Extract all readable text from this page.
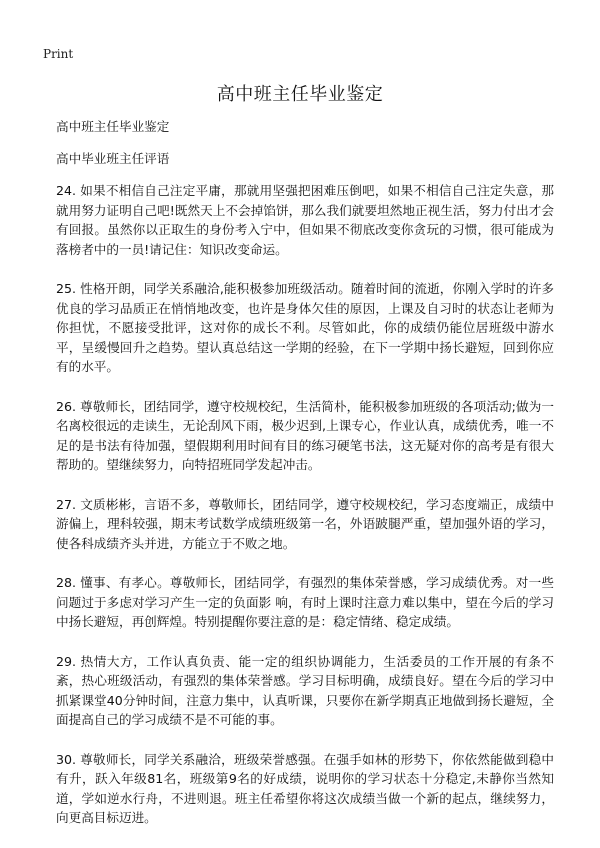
Print
高中班主任毕业鉴定

高中班主任毕业鉴定

高中毕业班主任评语

24. 如果不相信自己注定平庸，那就用坚强把困难压倒吧，如果不相信自己注定失意，那就用努力证明自己吧!既然天上不会掉馅饼，那么我们就要坦然地正视生活，努力付出才会有回报。虽然你以正取生的身份考入宁中，但如果不彻底改变你贪玩的习惯，很可能成为落榜者中的一员!请记住：知识改变命运。

25. 性格开朗，同学关系融洽,能积极参加班级活动。随着时间的流逝，你刚入学时的许多优良的学习品质正在悄悄地改变，也许是身体欠佳的原因，上课及自习时的状态让老师为你担忧，不愿接受批评，这对你的成长不利。尽管如此，你的成绩仍能位居班级中游水平，呈缓慢回升之趋势。望认真总结这一学期的经验，在下一学期中扬长避短，回到你应有的水平。

26. 尊敬师长，团结同学，遵守校规校纪，生活简朴，能积极参加班级的各项活动;做为一名离校很远的走读生，无论刮风下雨，极少迟到,上课专心，作业认真，成绩优秀，唯一不足的是书法有待加强，望假期利用时间有目的练习硬笔书法，这无疑对你的高考是有很大帮助的。望继续努力，向特招班同学发起冲击。

27. 文质彬彬，言语不多，尊敬师长，团结同学，遵守校规校纪，学习态度端正，成绩中游偏上，理科较强，期末考试数学成绩班级第一名，外语跛腿严重，望加强外语的学习，使各科成绩齐头并进，方能立于不败之地。

28. 懂事、有孝心。尊敬师长，团结同学，有强烈的集体荣誉感，学习成绩优秀。对一些问题过于多虑对学习产生一定的负面影 响，有时上课时注意力难以集中，望在今后的学习中扬长避短，再创辉煌。特别提醒你要注意的是：稳定情绪、稳定成绩。

29. 热情大方，工作认真负责、能一定的组织协调能力，生活委员的工作开展的有条不紊，热心班级活动，有强烈的集体荣誉感。学习目标明确，成绩良好。望在今后的学习中抓紧课堂40分钟时间，注意力集中，认真听课，只要你在新学期真正地做到扬长避短，全面提高自己的学习成绩不是不可能的事。

30. 尊敬师长，同学关系融洽，班级荣誉感强。在强手如林的形势下，你依然能做到稳中有升，跃入年级81名，班级第9名的好成绩，说明你的学习状态十分稳定,未静你当然知道，学如逆水行舟，不进则退。班主任希望你将这次成绩当做一个新的起点，继续努力，向更高目标迈进。
